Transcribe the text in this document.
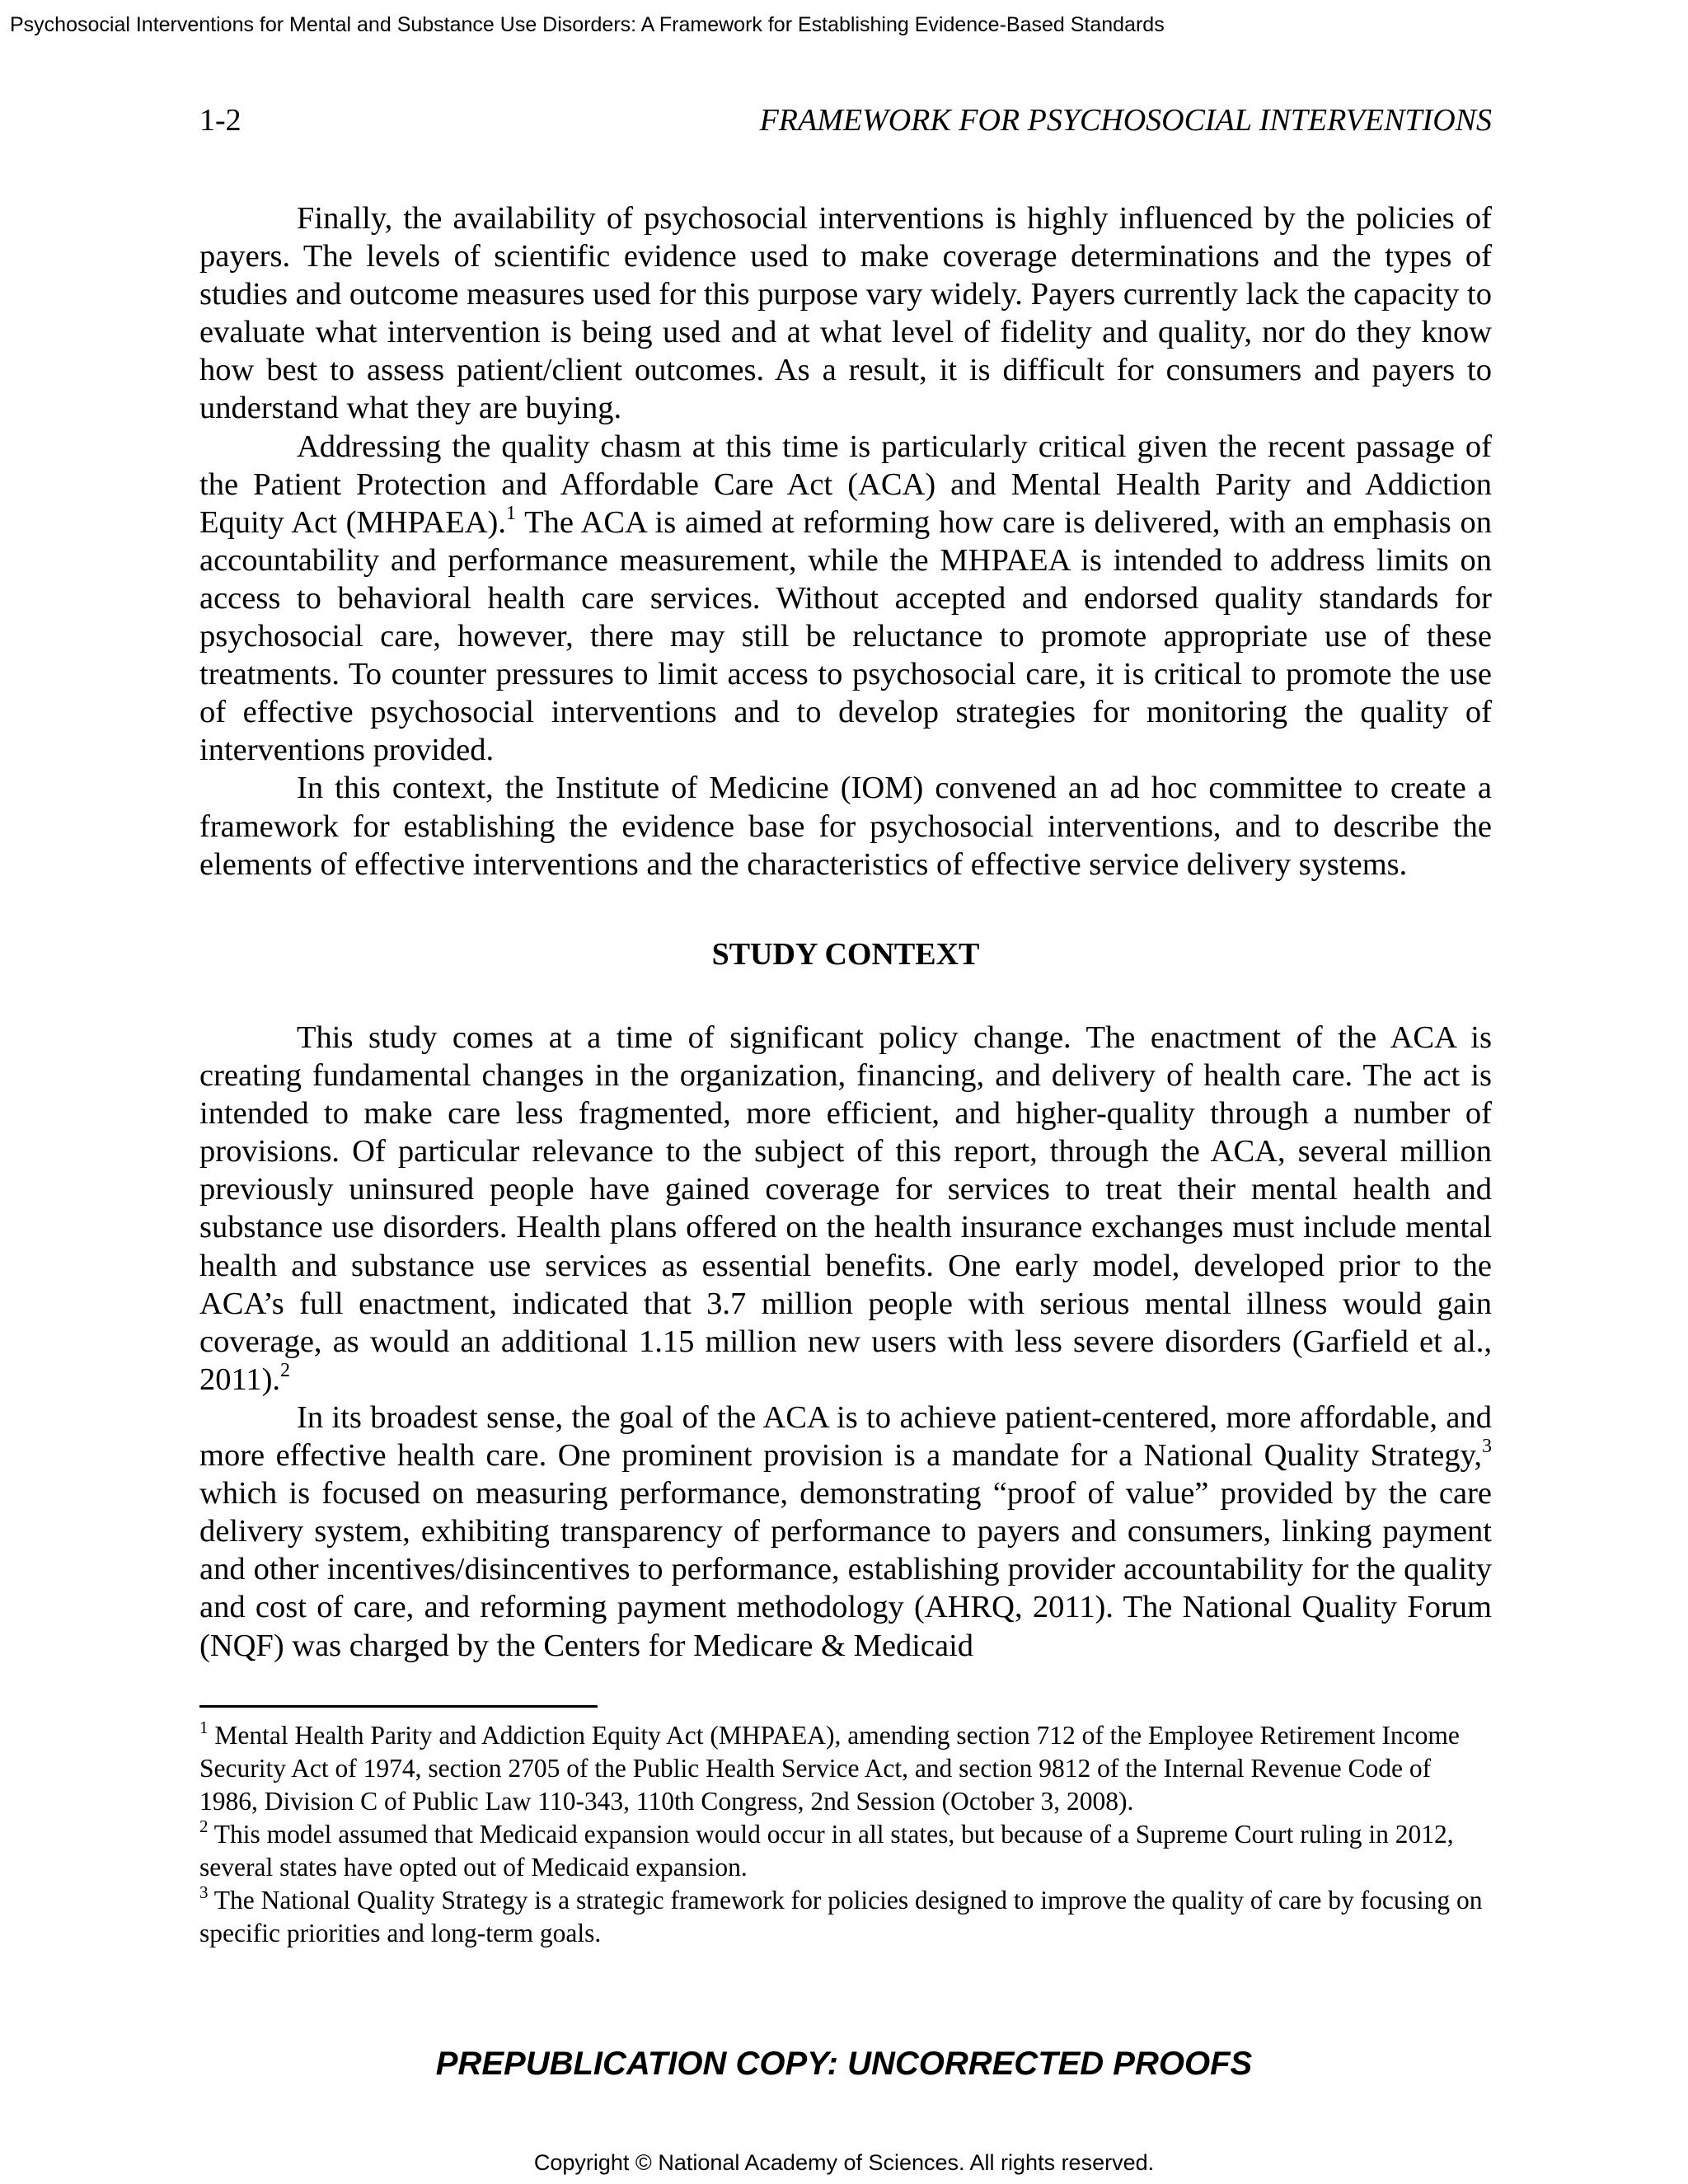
Psychosocial Interventions for Mental and Substance Use Disorders: A Framework for Establishing Evidence-Based Standards
1-2	FRAMEWORK FOR PSYCHOSOCIAL INTERVENTIONS

Finally, the availability of psychosocial interventions is highly influenced by the policies of payers. The levels of scientific evidence used to make coverage determinations and the types of studies and outcome measures used for this purpose vary widely. Payers currently lack the capacity to evaluate what intervention is being used and at what level of fidelity and quality, nor do they know how best to assess patient/client outcomes. As a result, it is difficult for consumers and payers to understand what they are buying.

Addressing the quality chasm at this time is particularly critical given the recent passage of the Patient Protection and Affordable Care Act (ACA) and Mental Health Parity and Addiction Equity Act (MHPAEA).$^1$ The ACA is aimed at reforming how care is delivered, with an emphasis on accountability and performance measurement, while the MHPAEA is intended to address limits on access to behavioral health care services. Without accepted and endorsed quality standards for psychosocial care, however, there may still be reluctance to promote appropriate use of these treatments. To counter pressures to limit access to psychosocial care, it is critical to promote the use of effective psychosocial interventions and to develop strategies for monitoring the quality of interventions provided.

In this context, the Institute of Medicine (IOM) convened an ad hoc committee to create a framework for establishing the evidence base for psychosocial interventions, and to describe the elements of effective interventions and the characteristics of effective service delivery systems.

STUDY CONTEXT

This study comes at a time of significant policy change. The enactment of the ACA is creating fundamental changes in the organization, financing, and delivery of health care. The act is intended to make care less fragmented, more efficient, and higher-quality through a number of provisions. Of particular relevance to the subject of this report, through the ACA, several million previously uninsured people have gained coverage for services to treat their mental health and substance use disorders. Health plans offered on the health insurance exchanges must include mental health and substance use services as essential benefits. One early model, developed prior to the ACA’s full enactment, indicated that 3.7 million people with serious mental illness would gain coverage, as would an additional 1.15 million new users with less severe disorders (Garfield et al., 2011).$^2$

In its broadest sense, the goal of the ACA is to achieve patient-centered, more affordable, and more effective health care. One prominent provision is a mandate for a National Quality Strategy,$^3$ which is focused on measuring performance, demonstrating “proof of value” provided by the care delivery system, exhibiting transparency of performance to payers and consumers, linking payment and other incentives/disincentives to performance, establishing provider accountability for the quality and cost of care, and reforming payment methodology (AHRQ, 2011). The National Quality Forum (NQF) was charged by the Centers for Medicare & Medicaid

$^1$ Mental Health Parity and Addiction Equity Act (MHPAEA), amending section 712 of the Employee Retirement Income Security Act of 1974, section 2705 of the Public Health Service Act, and section 9812 of the Internal Revenue Code of 1986, Division C of Public Law 110-343, 110th Congress, 2nd Session (October 3, 2008).

$^2$ This model assumed that Medicaid expansion would occur in all states, but because of a Supreme Court ruling in 2012, several states have opted out of Medicaid expansion.

$^3$ The National Quality Strategy is a strategic framework for policies designed to improve the quality of care by focusing on specific priorities and long-term goals.

PREPUBLICATION COPY: UNCORRECTED PROOFS
Copyright © National Academy of Sciences. All rights reserved.
